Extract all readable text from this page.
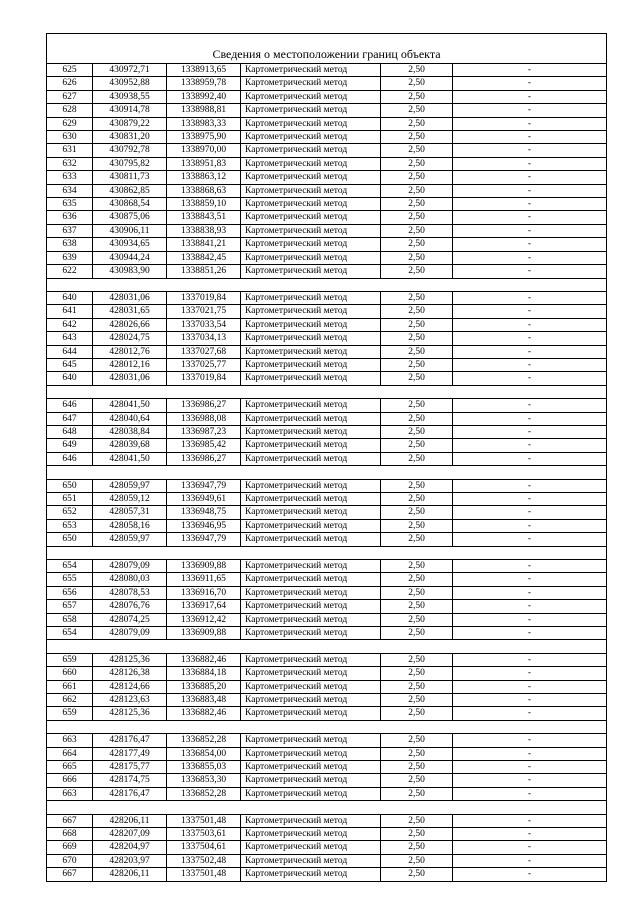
Сведения о местоположении границ объекта					
625	430972,71	1338913,65	Картометрический метод	2,50	-
626	430952,88	1338959,78	Картометрический метод	2,50	-
627	430938,55	1338992,40	Картометрический метод	2,50	-
628	430914,78	1338988,81	Картометрический метод	2,50	-
629	430879,22	1338983,33	Картометрический метод	2,50	-
630	430831,20	1338975,90	Картометрический метод	2,50	-
631	430792,78	1338970,00	Картометрический метод	2,50	-
632	430795,82	1338951,83	Картометрический метод	2,50	-
633	430811,73	1338863,12	Картометрический метод	2,50	-
634	430862,85	1338868,63	Картометрический метод	2,50	-
635	430868,54	1338859,10	Картометрический метод	2,50	-
636	430875,06	1338843,51	Картометрический метод	2,50	-
637	430906,11	1338838,93	Картометрический метод	2,50	-
638	430934,65	1338841,21	Картометрический метод	2,50	-
639	430944,24	1338842,45	Картометрический метод	2,50	-
622	430983,90	1338851,26	Картометрический метод	2,50	-

640	428031,06	1337019,84	Картометрический метод	2,50	-
641	428031,65	1337021,75	Картометрический метод	2,50	-
642	428026,66	1337033,54	Картометрический метод	2,50	-
643	428024,75	1337034,13	Картометрический метод	2,50	-
644	428012,76	1337027,68	Картометрический метод	2,50	-
645	428012,16	1337025,77	Картометрический метод	2,50	-
640	428031,06	1337019,84	Картометрический метод	2,50	-

646	428041,50	1336986,27	Картометрический метод	2,50	-
647	428040,64	1336988,08	Картометрический метод	2,50	-
648	428038,84	1336987,23	Картометрический метод	2,50	-
649	428039,68	1336985,42	Картометрический метод	2,50	-
646	428041,50	1336986,27	Картометрический метод	2,50	-

650	428059,97	1336947,79	Картометрический метод	2,50	-
651	428059,12	1336949,61	Картометрический метод	2,50	-
652	428057,31	1336948,75	Картометрический метод	2,50	-
653	428058,16	1336946,95	Картометрический метод	2,50	-
650	428059,97	1336947,79	Картометрический метод	2,50	-

654	428079,09	1336909,88	Картометрический метод	2,50	-
655	428080,03	1336911,65	Картометрический метод	2,50	-
656	428078,53	1336916,70	Картометрический метод	2,50	-
657	428076,76	1336917,64	Картометрический метод	2,50	-
658	428074,25	1336912,42	Картометрический метод	2,50	-
654	428079,09	1336909,88	Картометрический метод	2,50	-

659	428125,36	1336882,46	Картометрический метод	2,50	-
660	428126,38	1336884,18	Картометрический метод	2,50	-
661	428124,66	1336885,20	Картометрический метод	2,50	-
662	428123,63	1336883,48	Картометрический метод	2,50	-
659	428125,36	1336882,46	Картометрический метод	2,50	-

663	428176,47	1336852,28	Картометрический метод	2,50	-
664	428177,49	1336854,00	Картометрический метод	2,50	-
665	428175,77	1336855,03	Картометрический метод	2,50	-
666	428174,75	1336853,30	Картометрический метод	2,50	-
663	428176,47	1336852,28	Картометрический метод	2,50	-

667	428206,11	1337501,48	Картометрический метод	2,50	-
668	428207,09	1337503,61	Картометрический метод	2,50	-
669	428204,97	1337504,61	Картометрический метод	2,50	-
670	428203,97	1337502,48	Картометрический метод	2,50	-
667	428206,11	1337501,48	Картометрический метод	2,50	-
